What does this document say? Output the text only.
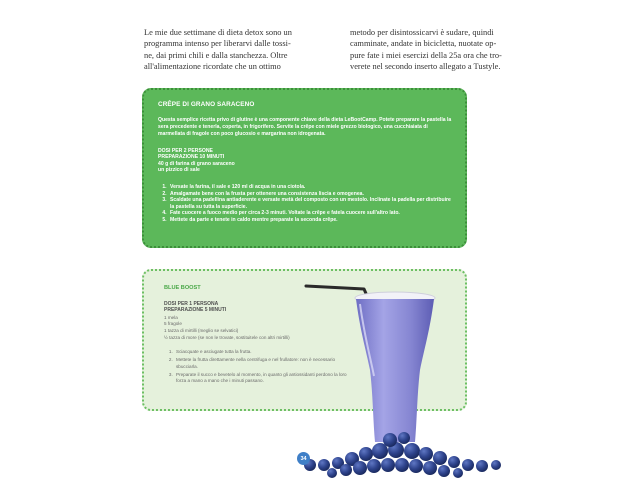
Le mie due settimane di dieta detox sono un
programma intenso per liberarvi dalle tossi-
ne, dai primi chili e dalla stanchezza. Oltre
all'alimentazione ricordate che un ottimo
metodo per disintossicarvi è sudare, quindi
camminate, andate in bicicletta, nuotate op-
pure fate i miei esercizi della 25a ora che tro-
verete nel secondo inserto allegato a Tustyle.
CRÊPE DI GRANO SARACENO
Questa semplice ricetta privo di glutine è una componente chiave della dieta LeBootCamp. Potete preparare la pastella la sera precedente e tenerla, coperta, in frigorifero. Servite la crêpe con miele grezzo biologico, una cucchiaiata di marmellata di fragole con poco glucosio e margarina non idrogenata.
DOSI PER 2 PERSONE
PREPARAZIONE 10 MINUTI
40 g di farina di grano saraceno
un pizzico di sale
1. Versate la farina, il sale e 120 ml di acqua in una ciotola.
2. Amalgamate bene con la frusta per ottenere una consistenza liscia e omogenea.
3. Scaldate una padellina antiaderente e versate metà del composto con un mestolo. Inclinate la padella per distribuire la pastella su tutta la superficie.
4. Fate cuocere a fuoco medio per circa 2-3 minuti. Voltate la crêpe e fatela cuocere sull'altro lato.
5. Mettete da parte e tenete in caldo mentre preparate la seconda crêpe.
BLUE BOOST
DOSI PER 1 PERSONA
PREPARAZIONE 5 MINUTI
1 mela
5 fragole
1 tazza di mirtilli (meglio se selvatici)
½ tazza di more (se non le trovate, sostituitele con altri mirtilli)
1. Sciacquate e asciugate tutta la frutta.
2. Mettete la frutta direttamente nella centrifuga e nel frullatore: non è necessario sbucciarla.
3. Preparate il succo e bevetelo al momento, in quanto gli antiossidanti perdono la loro forza a mano a mano che i minuti passano.
34
